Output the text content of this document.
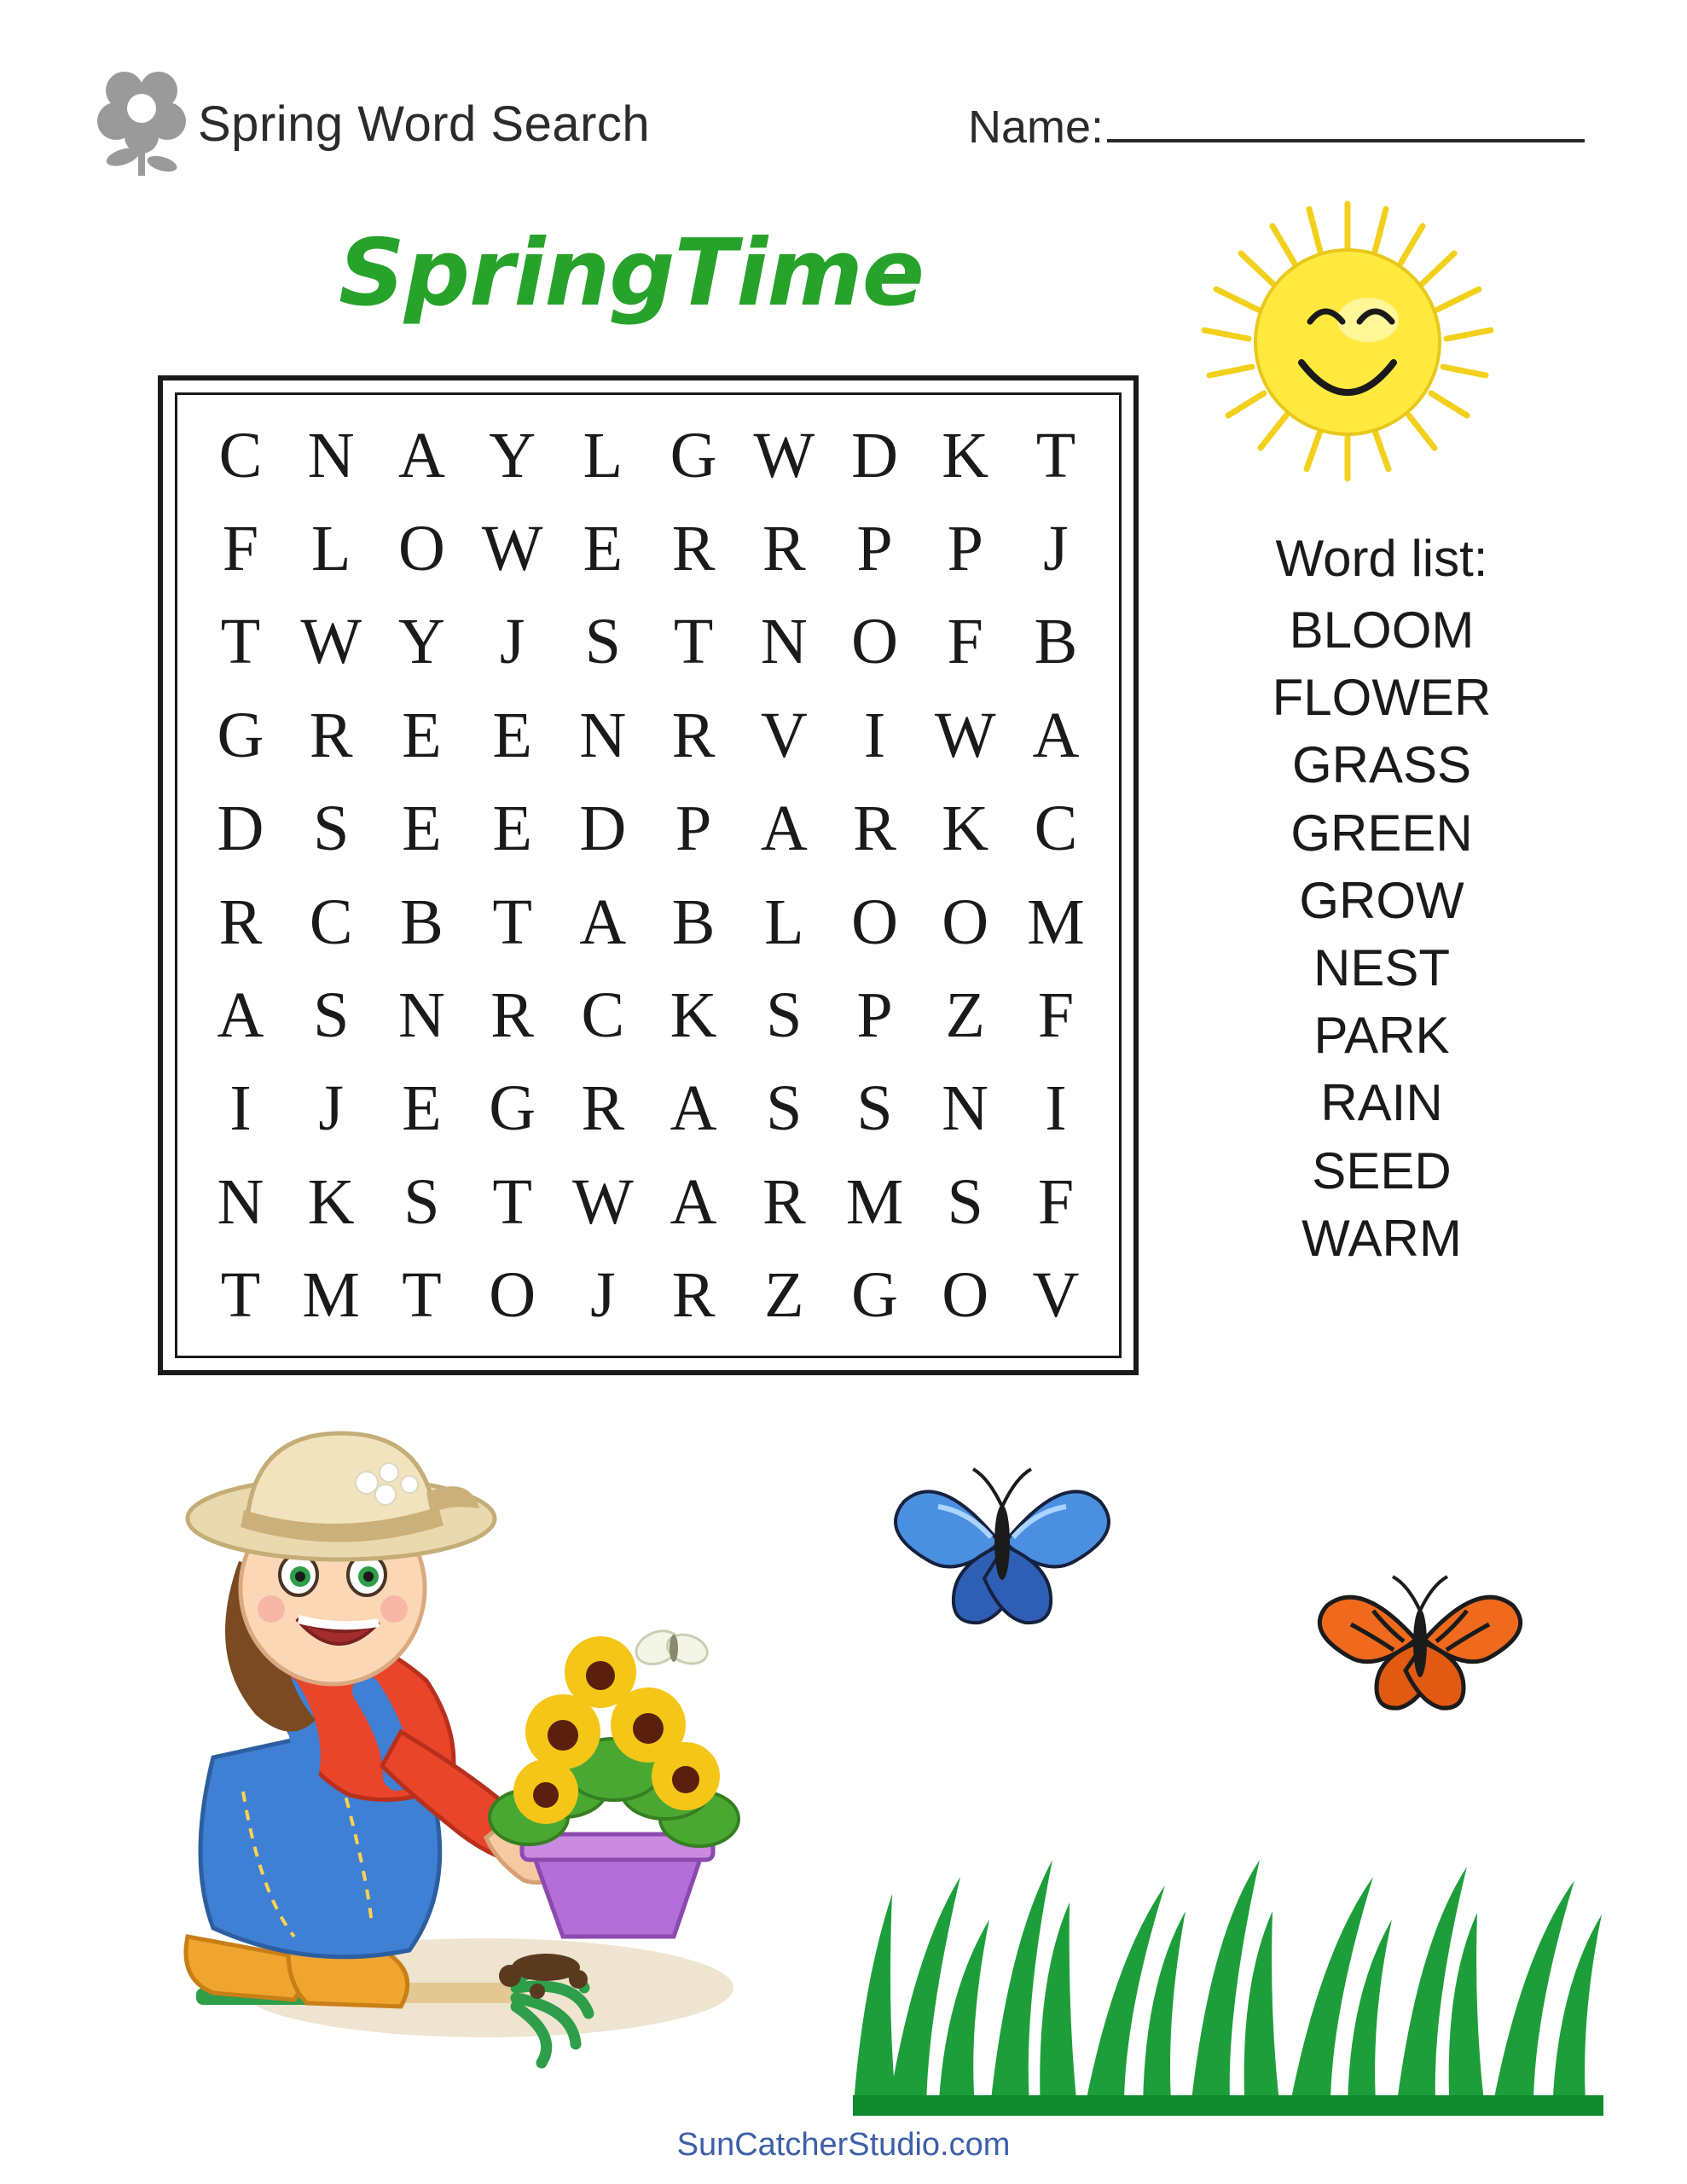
Spring Word Search	Name:
SpringTime
C N A Y L G W D K T
F L O W E R R P P J
T W Y J S T N O F B
G R E E N R V I W A
D S E E D P A R K C
R C B T A B L O O M
A S N R C K S P Z F
I	J E G R A S S N I
N K S T W A R M S F
T M T O J R Z G O V
Word list:
BLOOM
FLOWER
GRASS
GREEN
GROW
NEST
PARK
RAIN
SEED
WARM
SunCatcherStudio.com
